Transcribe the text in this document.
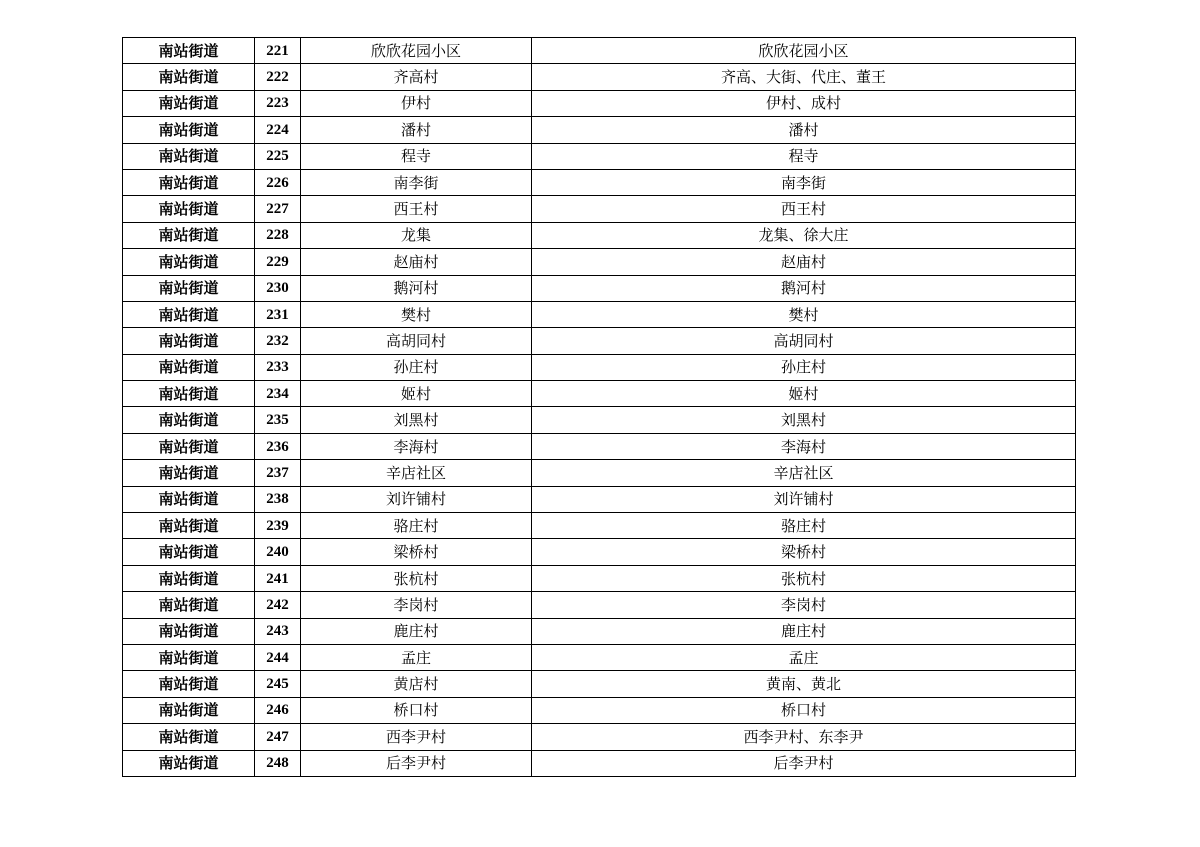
南站街道	221	欣欣花园小区	欣欣花园小区
南站街道	222	齐高村	齐高、大街、代庄、董王
南站街道	223	伊村	伊村、成村
南站街道	224	潘村	潘村
南站街道	225	程寺	程寺
南站街道	226	南李街	南李街
南站街道	227	西王村	西王村
南站街道	228	龙集	龙集、徐大庄
南站街道	229	赵庙村	赵庙村
南站街道	230	鹅河村	鹅河村
南站街道	231	樊村	樊村
南站街道	232	高胡同村	高胡同村
南站街道	233	孙庄村	孙庄村
南站街道	234	姬村	姬村
南站街道	235	刘黑村	刘黑村
南站街道	236	李海村	李海村
南站街道	237	辛店社区	辛店社区
南站街道	238	刘许铺村	刘许铺村
南站街道	239	骆庄村	骆庄村
南站街道	240	梁桥村	梁桥村
南站街道	241	张杭村	张杭村
南站街道	242	李岗村	李岗村
南站街道	243	鹿庄村	鹿庄村
南站街道	244	孟庄	孟庄
南站街道	245	黄店村	黄南、黄北
南站街道	246	桥口村	桥口村
南站街道	247	西李尹村	西李尹村、东李尹
南站街道	248	后李尹村	后李尹村
